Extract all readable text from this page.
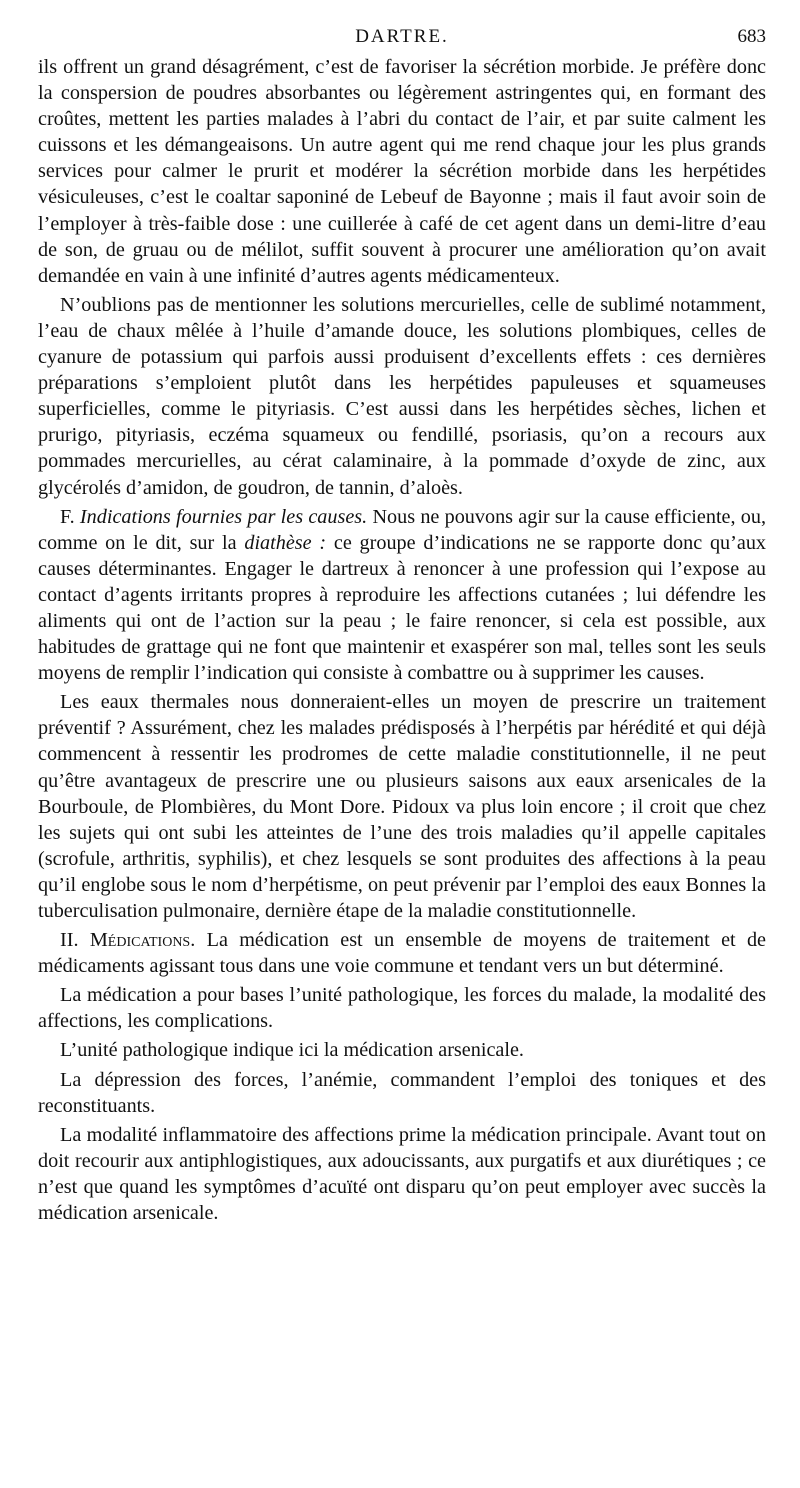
DARTRE.	683

ils offrent un grand désagrément, c’est de favoriser la sécrétion morbide. Je préfère donc la conspersion de poudres absorbantes ou légèrement astringentes qui, en formant des croûtes, mettent les parties malades à l’abri du contact de l’air, et par suite calment les cuissons et les démangeaisons. Un autre agent qui me rend chaque jour les plus grands services pour calmer le prurit et modérer la sécrétion morbide dans les herpétides vésiculeuses, c’est le coaltar saponiné de Lebeuf de Bayonne ; mais il faut avoir soin de l’employer à très-faible dose : une cuillerée à café de cet agent dans un demi-litre d’eau de son, de gruau ou de mélilot, suffit souvent à procurer une amélioration qu’on avait demandée en vain à une infinité d’autres agents médicamenteux.

N’oublions pas de mentionner les solutions mercurielles, celle de sublimé notamment, l’eau de chaux mêlée à l’huile d’amande douce, les solutions plombiques, celles de cyanure de potassium qui parfois aussi produisent d’excellents effets : ces dernières préparations s’emploient plutôt dans les herpétides papuleuses et squameuses superficielles, comme le pityriasis. C’est aussi dans les herpétides sèches, lichen et prurigo, pityriasis, eczéma squameux ou fendillé, psoriasis, qu’on a recours aux pommades mercurielles, au cérat calaminaire, à la pommade d’oxyde de zinc, aux glycérolés d’amidon, de goudron, de tannin, d’aloès.

F. Indications fournies par les causes. Nous ne pouvons agir sur la cause efficiente, ou, comme on le dit, sur la diathèse : ce groupe d’indications ne se rapporte donc qu’aux causes déterminantes. Engager le dartreux à renoncer à une profession qui l’expose au contact d’agents irritants propres à reproduire les affections cutanées ; lui défendre les aliments qui ont de l’action sur la peau ; le faire renoncer, si cela est possible, aux habitudes de grattage qui ne font que maintenir et exaspérer son mal, telles sont les seuls moyens de remplir l’indication qui consiste à combattre ou à supprimer les causes.

Les eaux thermales nous donneraient-elles un moyen de prescrire un traitement préventif ? Assurément, chez les malades prédisposés à l’herpétis par hérédité et qui déjà commencent à ressentir les prodromes de cette maladie constitutionnelle, il ne peut qu’être avantageux de prescrire une ou plusieurs saisons aux eaux arsenicales de la Bourboule, de Plombières, du Mont Dore. Pidoux va plus loin encore ; il croit que chez les sujets qui ont subi les atteintes de l’une des trois maladies qu’il appelle capitales (scrofule, arthritis, syphilis), et chez lesquels se sont produites des affections à la peau qu’il englobe sous le nom d’herpétisme, on peut prévenir par l’emploi des eaux Bonnes la tuberculisation pulmonaire, dernière étape de la maladie constitutionnelle.

II. Médications. La médication est un ensemble de moyens de traitement et de médicaments agissant tous dans une voie commune et tendant vers un but déterminé.

La médication a pour bases l’unité pathologique, les forces du malade, la modalité des affections, les complications.

L’unité pathologique indique ici la médication arsenicale.

La dépression des forces, l’anémie, commandent l’emploi des toniques et des reconstituants.

La modalité inflammatoire des affections prime la médication principale. Avant tout on doit recourir aux antiphlogistiques, aux adoucissants, aux purgatifs et aux diurétiques ; ce n’est que quand les symptômes d’acuïté ont disparu qu’on peut employer avec succès la médication arsenicale.
